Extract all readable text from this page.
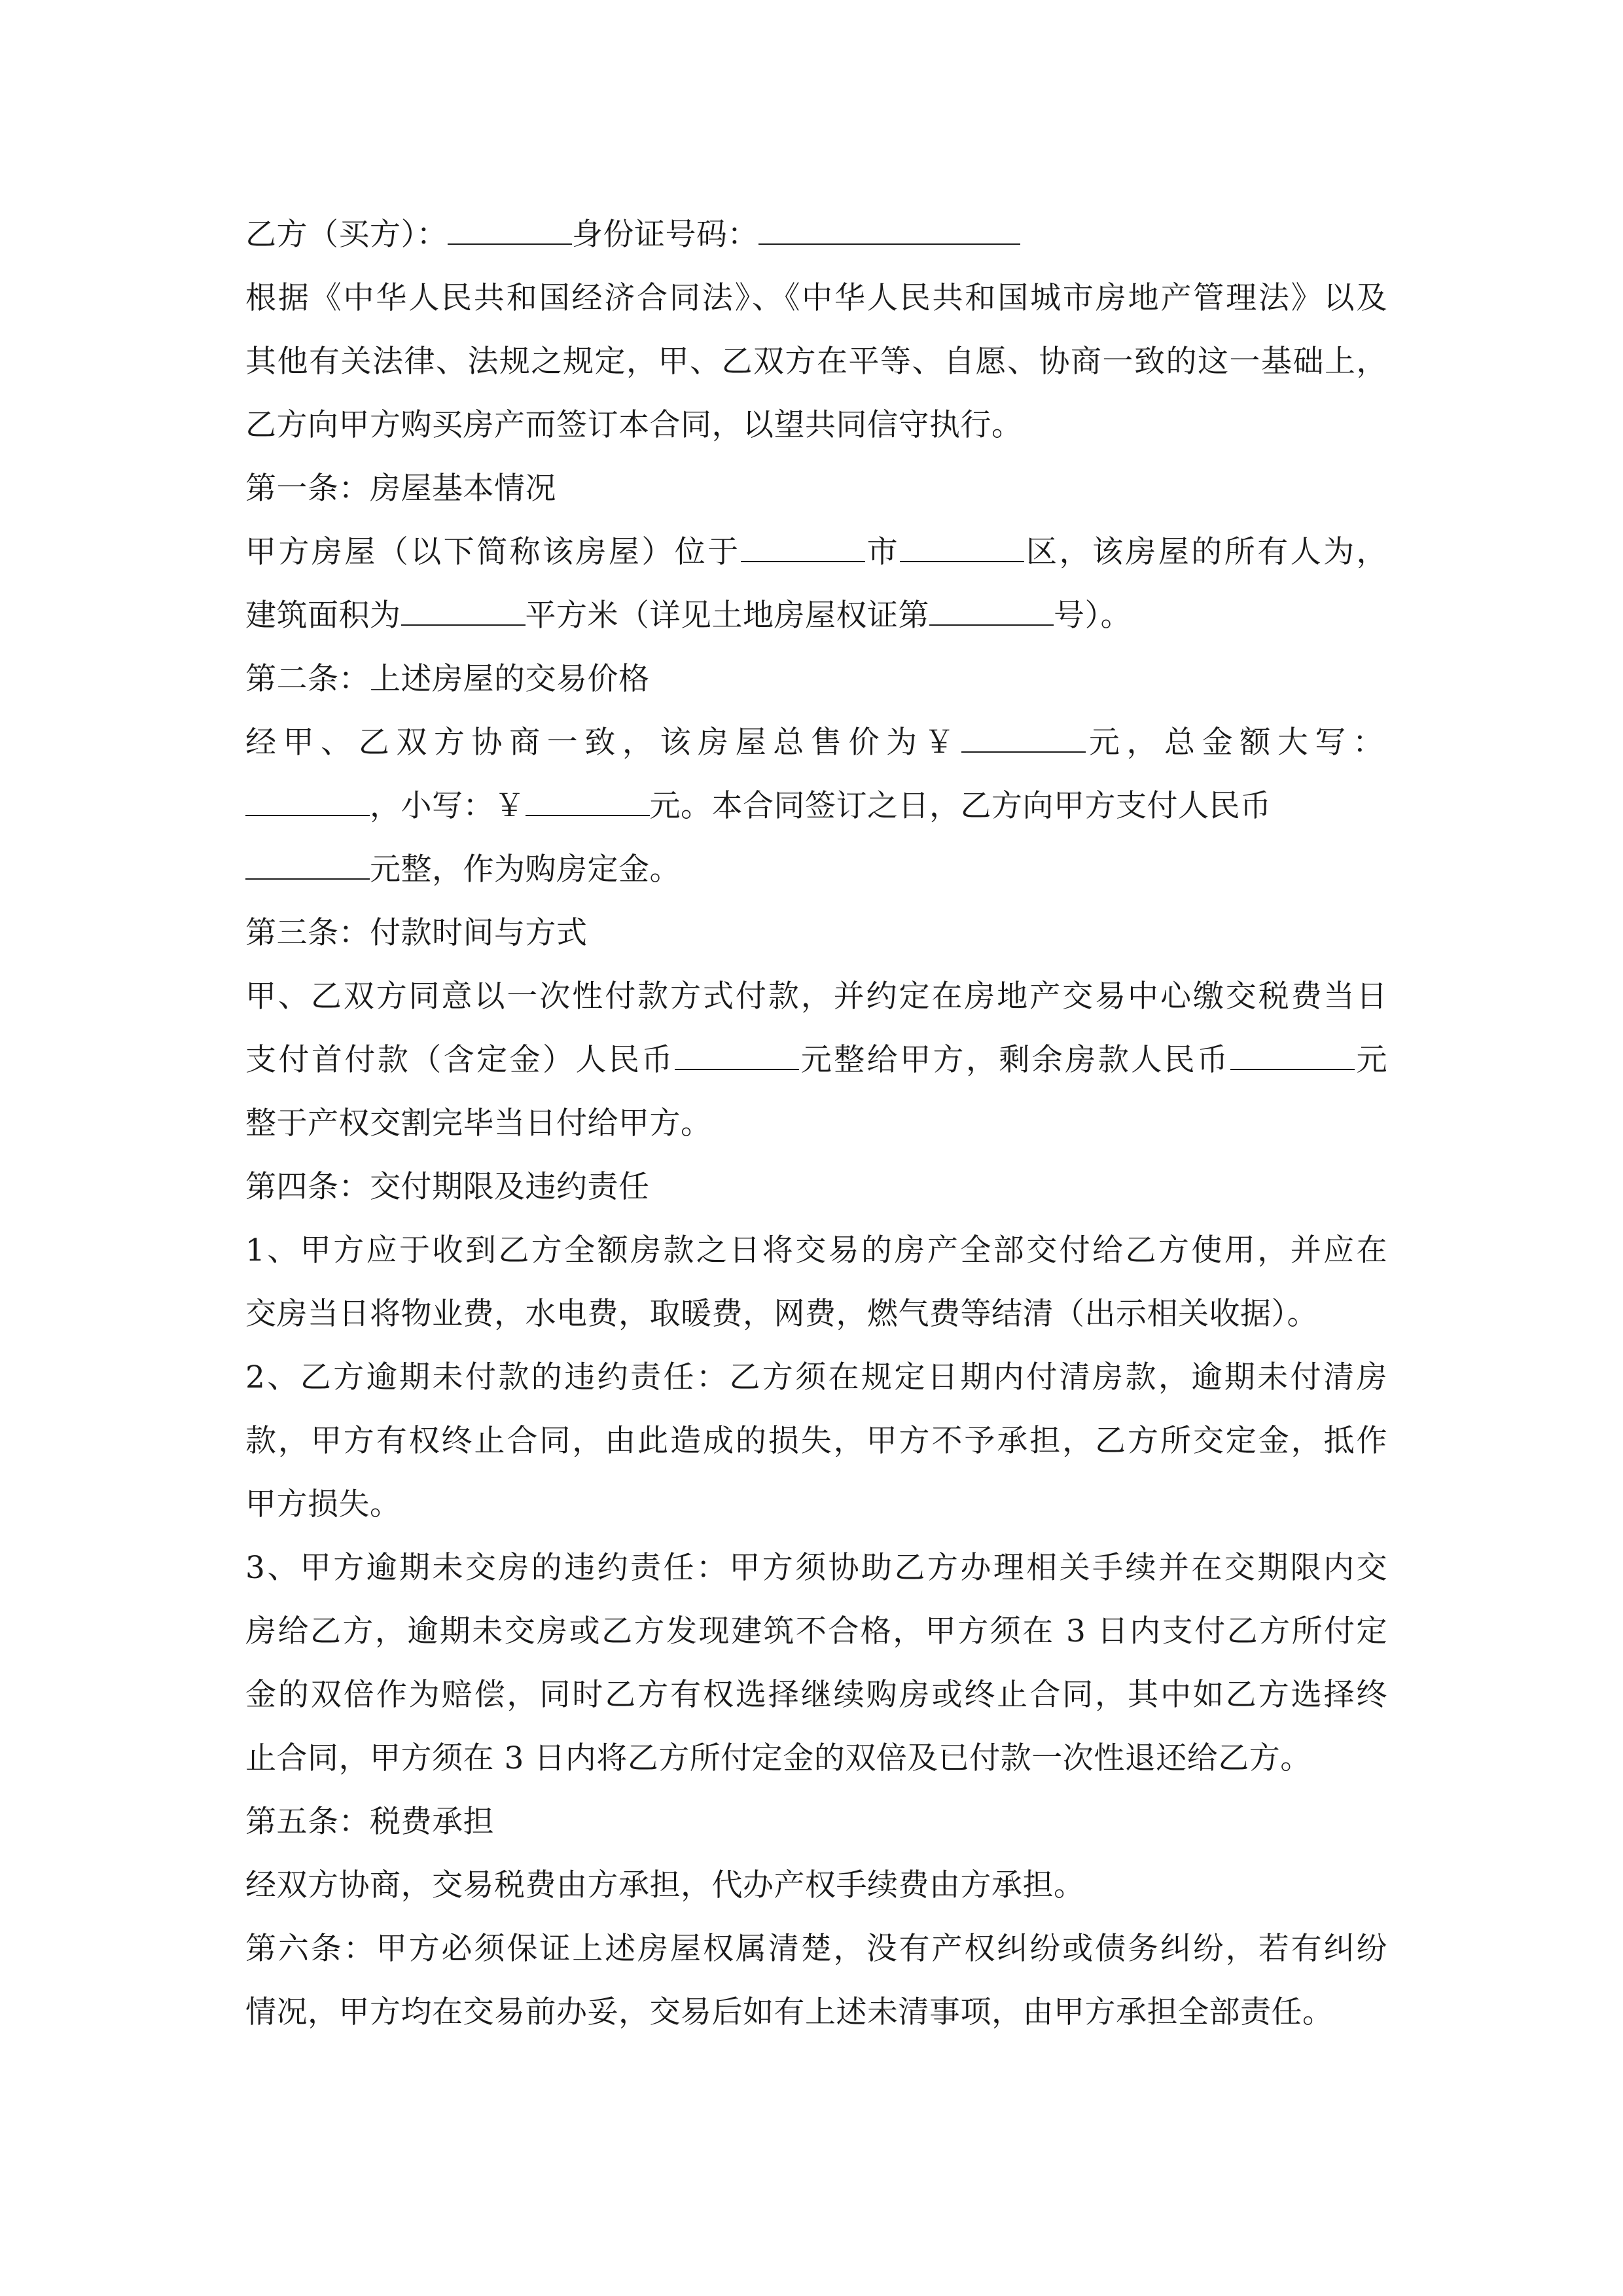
乙方（买方）：	身份证号码：
根据《中华人民共和国经济合同法》、《中华人民共和国城市房地产管理法》以及
其他有关法律、法规之规定，甲、乙双方在平等、自愿、协商一致的这一基础上，
乙方向甲方购买房产而签订本合同，以望共同信守执行。
第一条：房屋基本情况
甲方房屋（以下简称该房屋）位于	市	区，该房屋的所有人为，
建筑面积为	平方米（详见土地房屋权证第	号）。
第二条：上述房屋的交易价格
经甲、乙双方协商一致，该房屋总售价为￥	元，总金额大写：
，小写：￥	元。本合同签订之日，乙方向甲方支付人民币
元整，作为购房定金。
第三条：付款时间与方式
甲、乙双方同意以一次性付款方式付款，并约定在房地产交易中心缴交税费当日
支付首付款（含定金）人民币	元整给甲方，剩余房款人民币	元
整于产权交割完毕当日付给甲方。
第四条：交付期限及违约责任
1、甲方应于收到乙方全额房款之日将交易的房产全部交付给乙方使用，并应在
交房当日将物业费，水电费，取暖费，网费，燃气费等结清（出示相关收据）。
2、乙方逾期未付款的违约责任：乙方须在规定日期内付清房款，逾期未付清房
款，甲方有权终止合同，由此造成的损失，甲方不予承担，乙方所交定金，抵作
甲方损失。
3、甲方逾期未交房的违约责任：甲方须协助乙方办理相关手续并在交期限内交
房给乙方，逾期未交房或乙方发现建筑不合格，甲方须在 3 日内支付乙方所付定
金的双倍作为赔偿，同时乙方有权选择继续购房或终止合同，其中如乙方选择终
止合同，甲方须在 3 日内将乙方所付定金的双倍及已付款一次性退还给乙方。
第五条：税费承担
经双方协商，交易税费由方承担，代办产权手续费由方承担。
第六条：甲方必须保证上述房屋权属清楚，没有产权纠纷或债务纠纷，若有纠纷
情况，甲方均在交易前办妥，交易后如有上述未清事项，由甲方承担全部责任。
